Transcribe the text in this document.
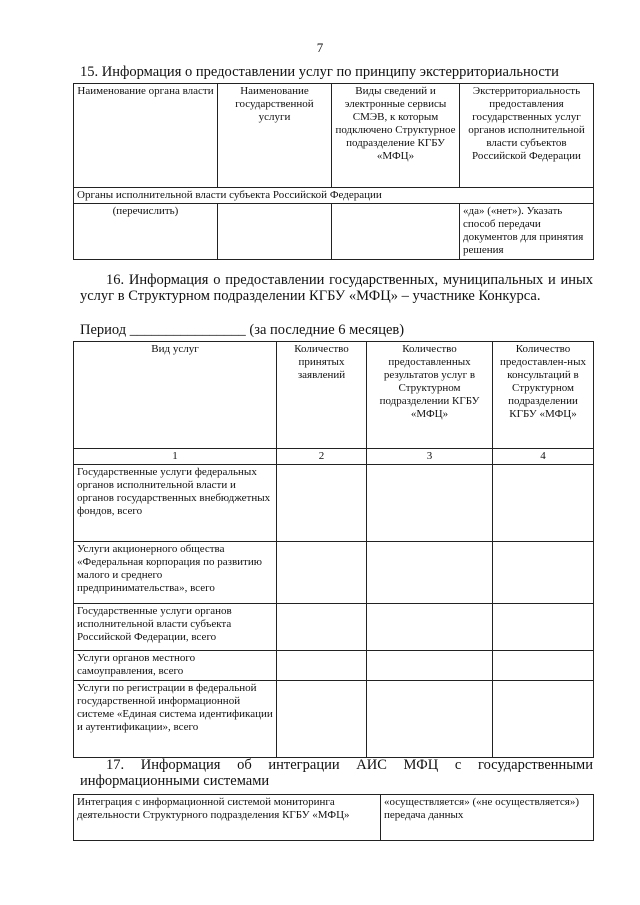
7
15. Информация о предоставлении услуг по принципу экстерриториальности
Наименование органа власти	Наименование государственной услуги	Виды сведений и электронные сервисы СМЭВ, к которым подключено Структурное подразделение КГБУ «МФЦ»	Экстерриториальность предоставления государственных услуг органов исполнительной власти субъектов Российской Федерации
Органы исполнительной власти субъекта Российской Федерации			
(перечислить)			«да» («нет»). Указать способ передачи документов для принятия решения
16. Информация о предоставлении государственных, муниципальных и иных услуг в Структурном подразделении КГБУ «МФЦ» – участнике Конкурса.
Период ________________ (за последние 6 месяцев)
Вид услуг	Количество принятых заявлений	Количество предоставленных результатов услуг в Структурном подразделении КГБУ «МФЦ»	Количество предоставлен-ных консультаций в Структурном подразделении КГБУ «МФЦ»
1	2	3	4
Государственные услуги федеральных органов исполнительной власти и органов государственных внебюджетных фондов, всего			
Услуги акционерного общества «Федеральная корпорация по развитию малого и среднего предпринимательства», всего			
Государственные услуги органов исполнительной власти субъекта Российской Федерации, всего			
Услуги органов местного самоуправления, всего			
Услуги по регистрации в федеральной государственной информационной системе «Единая система идентификации и аутентификации», всего			
17. Информация об интеграции АИС МФЦ с государственными информационными системами
Интеграция с информационной системой мониторинга деятельности Структурного подразделения КГБУ «МФЦ»	«осуществляется» («не осуществляется») передача данных
